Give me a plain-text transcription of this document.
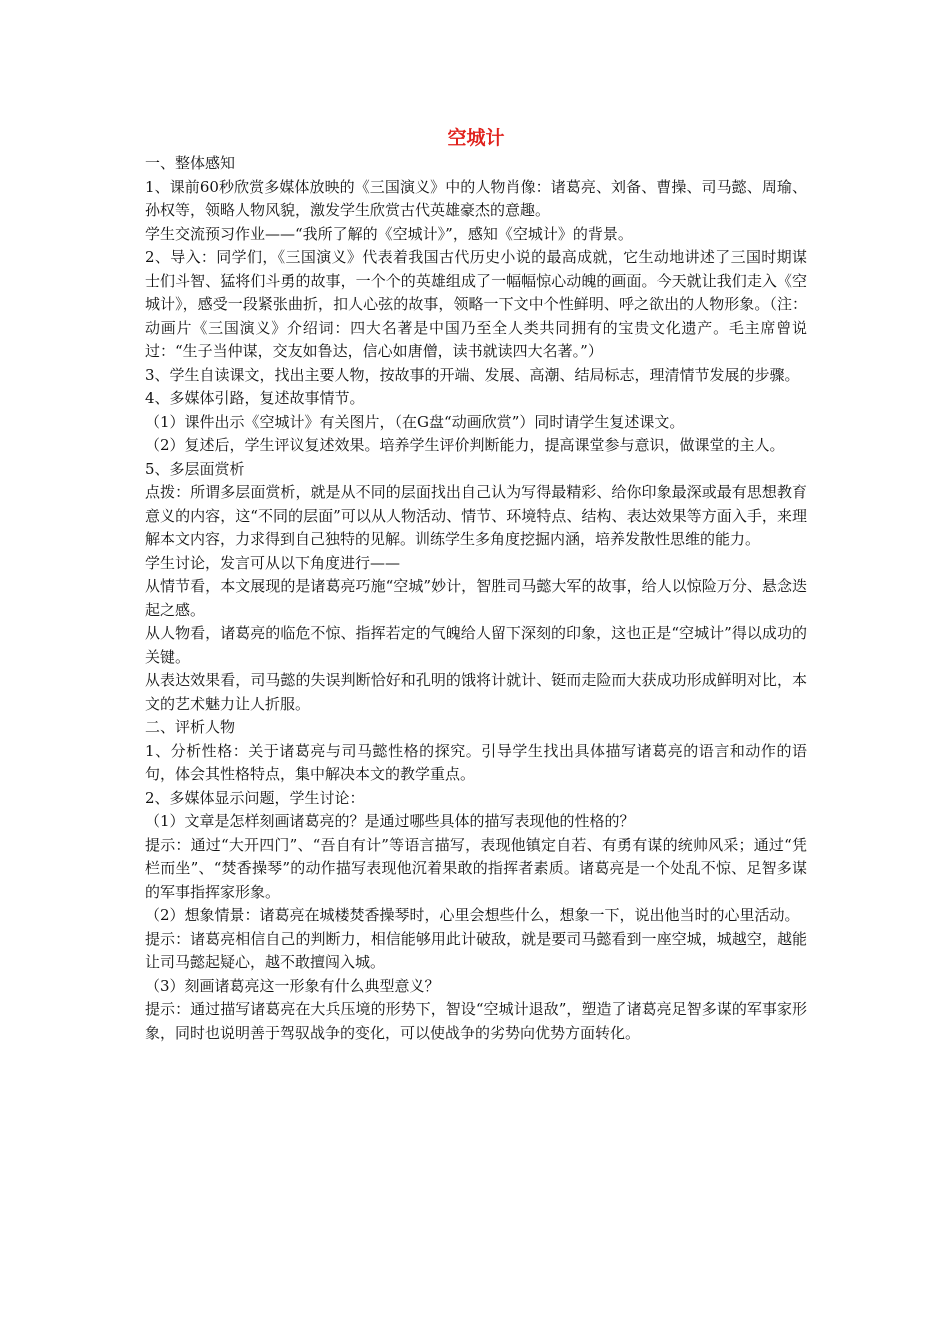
空城计

一、整体感知

1、课前60秒欣赏多媒体放映的《三国演义》中的人物肖像：诸葛亮、刘备、曹操、司马懿、周瑜、孙权等，领略人物风貌，激发学生欣赏古代英雄豪杰的意趣。

学生交流预习作业——“我所了解的《空城计》”，感知《空城计》的背景。

2、导入：同学们，《三国演义》代表着我国古代历史小说的最高成就，它生动地讲述了三国时期谋士们斗智、猛将们斗勇的故事，一个个的英雄组成了一幅幅惊心动魄的画面。今天就让我们走入《空城计》，感受一段紧张曲折，扣人心弦的故事，领略一下文中个性鲜明、呼之欲出的人物形象。（注：动画片《三国演义》介绍词：四大名著是中国乃至全人类共同拥有的宝贵文化遗产。毛主席曾说过：“生子当仲谋，交友如鲁达，信心如唐僧，读书就读四大名著。”）

3、学生自读课文，找出主要人物，按故事的开端、发展、高潮、结局标志，理清情节发展的步骤。

4、多媒体引路，复述故事情节。

（1）课件出示《空城计》有关图片，（在G盘“动画欣赏”）同时请学生复述课文。

（2）复述后，学生评议复述效果。培养学生评价判断能力，提高课堂参与意识，做课堂的主人。

5、多层面赏析

点拨：所谓多层面赏析，就是从不同的层面找出自己认为写得最精彩、给你印象最深或最有思想教育意义的内容，这“不同的层面”可以从人物活动、情节、环境特点、结构、表达效果等方面入手，来理解本文内容，力求得到自己独特的见解。训练学生多角度挖掘内涵，培养发散性思维的能力。

学生讨论，发言可从以下角度进行——

从情节看，本文展现的是诸葛亮巧施“空城”妙计，智胜司马懿大军的故事，给人以惊险万分、悬念迭起之感。

从人物看，诸葛亮的临危不惊、指挥若定的气魄给人留下深刻的印象，这也正是“空城计”得以成功的关键。

从表达效果看，司马懿的失误判断恰好和孔明的饿将计就计、铤而走险而大获成功形成鲜明对比，本文的艺术魅力让人折服。

二、评析人物

1、分析性格：关于诸葛亮与司马懿性格的探究。引导学生找出具体描写诸葛亮的语言和动作的语句，体会其性格特点，集中解决本文的教学重点。

2、多媒体显示问题，学生讨论：

（1）文章是怎样刻画诸葛亮的？是通过哪些具体的描写表现他的性格的？

提示：通过“大开四门”、“吾自有计”等语言描写，表现他镇定自若、有勇有谋的统帅风采；通过“凭栏而坐”、“焚香操琴”的动作描写表现他沉着果敢的指挥者素质。诸葛亮是一个处乱不惊、足智多谋的军事指挥家形象。

（2）想象情景：诸葛亮在城楼焚香操琴时，心里会想些什么，想象一下，说出他当时的心里活动。

提示：诸葛亮相信自己的判断力，相信能够用此计破敌，就是要司马懿看到一座空城，城越空，越能让司马懿起疑心，越不敢擅闯入城。

（3）刻画诸葛亮这一形象有什么典型意义？

提示：通过描写诸葛亮在大兵压境的形势下，智设“空城计退敌”，塑造了诸葛亮足智多谋的军事家形象，同时也说明善于驾驭战争的变化，可以使战争的劣势向优势方面转化。
